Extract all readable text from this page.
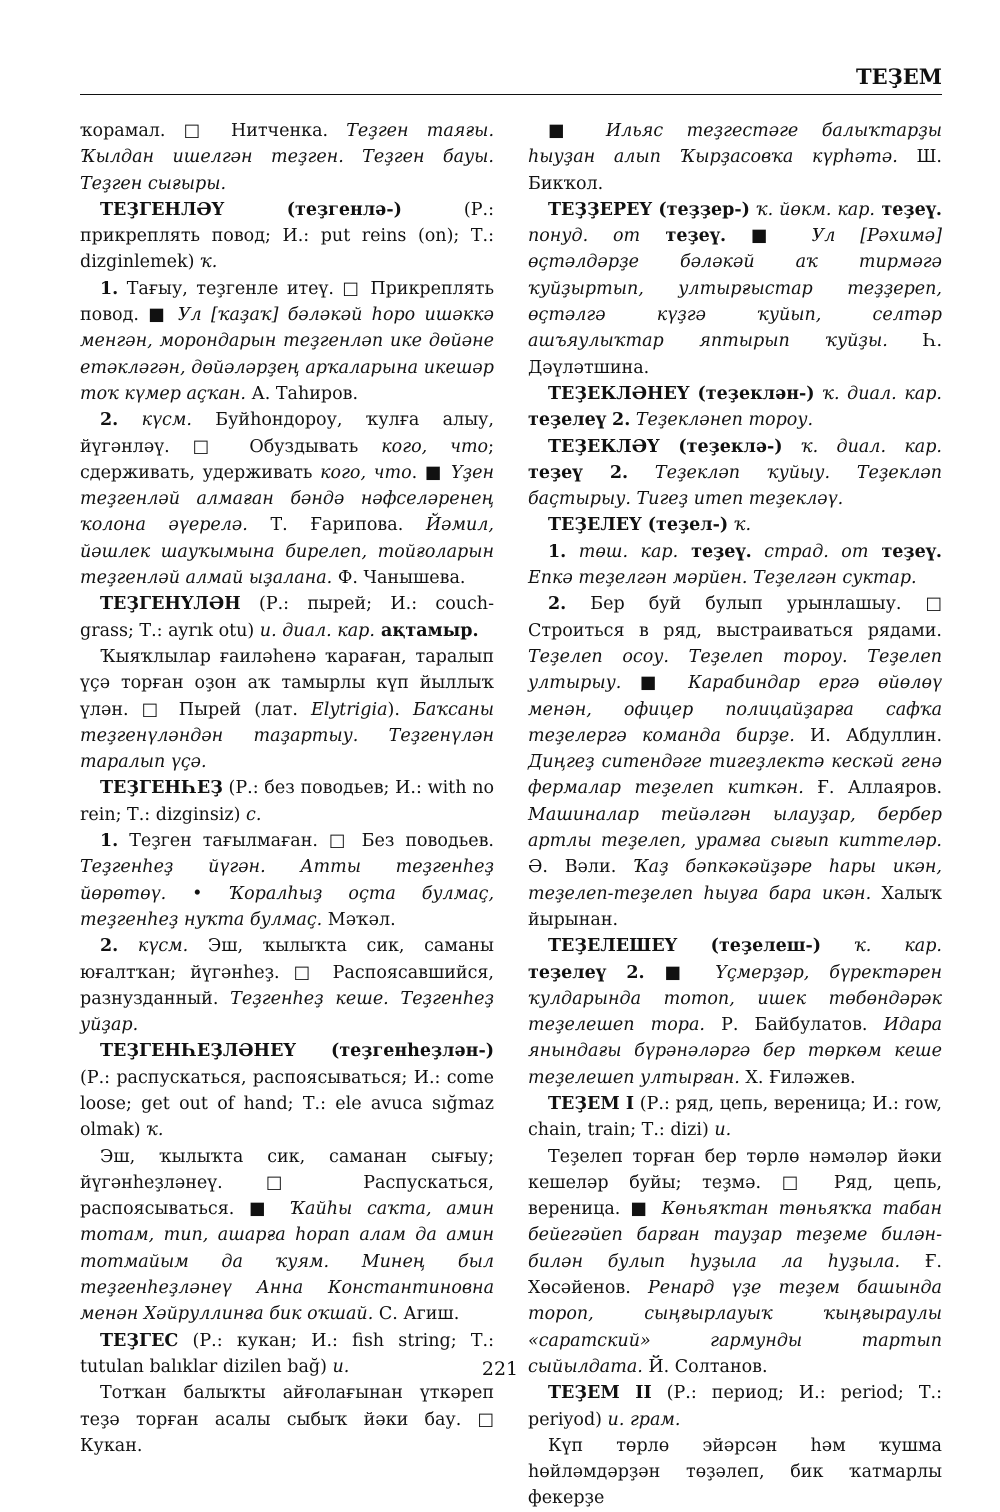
ТЕҘЕМ

ҡорамал. □ Нитченка. Теҙген таяғы. Ҡылдан ишелгән теҙген. Теҙген бауы. Теҙген сығыры.

ТЕҘГЕНЛӘҮ (теҙгенлә-) (Р.: прикреплять повод; И.: put reins (on); Т.: dizginlemek) ҡ.

1. Тағыу, теҙгенле итеү. □ Прикреплять повод. ■ Ул [ҡаҙаҡ] бәләкәй һоро ишәккә менгән, морондарын теҙгенләп ике дөйәне етәкләгән, дөйәләрҙең арҡаларына икешәр тоҡ күмер аҫҡан. А. Таһиров.

2. күсм. Буйһондороу, ҡулға алыу, йүгәнләү. □ Обуздывать кого, что; сдерживать, удерживать кого, что. ■ Үҙен теҙгенләй алмаған бәндә нәфселәренең ҡолона әүерелә. Т. Ғарипова. Йәмил, йәшлек шауҡымына бирелеп, тойғоларын теҙгенләй алмай ыҙалана. Ф. Чанышева.

ТЕҘГЕНҮЛӘН (Р.: пырей; И.: couch-grass; Т.: ayrık otu) и. диал. кар. ақтамыр.

Ҡыяҡлылар ғаиләһенә ҡараған, таралып үҫә торған оҙон аҡ тамырлы күп йыллыҡ үлән. □ Пырей (лат. Elytrigia). Баҡсаны теҙгенүләндән таҙартыу. Теҙгенүлән таралып үҫә.

ТЕҘГЕНҺЕҘ (Р.: без поводьев; И.: with no rein; Т.: dizginsiz) с.

1. Теҙген тағылмаған. □ Без поводьев. Теҙгенһеҙ йүгән. Атты теҙгенһеҙ йөрөтөү. • Ҡоралһыҙ оҫта булмаҫ, теҙгенһеҙ нуҡта булмаҫ. Мәҡәл.

2. күсм. Эш, ҡылыҡта сик, саманы юғалтҡан; йүгәнһеҙ. □ Распоясавшийся, разнузданный. Теҙгенһеҙ кеше. Теҙгенһеҙ уйҙар.

ТЕҘГЕНҺЕҘЛӘНЕҮ (теҙгенһеҙлән-) (Р.: распускаться, распоясываться; И.: come loose; get out of hand; Т.: ele avuca sığmaz olmak) ҡ.

Эш, ҡылыҡта сик, саманан сығыу; йүгәнһеҙләнеү. □ Распускаться, распоясываться. ■ Ҡайһы саҡта, амин тотам, тип, ашарға һорап алам да амин тотмайым да ҡуям. Минең был теҙгенһеҙләнеү Анна Константиновна менән Хәйруллинға бик оҡшай. С. Агиш.

ТЕҘГЕС (Р.: кукан; И.: fish string; Т.: tutulan balıklar dizilen bağ) и.

Тотҡан балыҡты айғолағынан үткәреп теҙә торған асалы сыбыҡ йәки бау. □ Кукан.

■ Ильяс теҙгестәге балыҡтарҙы һыуҙан алып Ҡырҙасовҡа күрһәтә. Ш. Бикҡол.

ТЕҘҘЕРЕҮ (теҙҙер-) ҡ. йөкм. кар. теҙеү. понуд. от теҙеү. ■ Ул [Рәхимә] өҫтәлдәрҙе бәләкәй аҡ тирмәгә ҡуйҙыртып, ултырғыстар теҙҙереп, өҫтәлгә күҙгә ҡуйып, селтәр ашъяулыҡтар яптырып ҡуйҙы. Һ. Дәүләтшина.

ТЕҘЕКЛӘНЕҮ (теҙеклән-) ҡ. диал. кар. теҙелеү 2. Теҙекләнеп тороу.

ТЕҘЕКЛӘҮ (теҙеклә-) ҡ. диал. кар. теҙеү 2. Теҙекләп ҡуйыу. Теҙекләп баҫтырыу. Тигеҙ итеп теҙекләү.

ТЕҘЕЛЕҮ (теҙел-) ҡ.

1. төш. кар. теҙеү. страд. от теҙеү. Епкә теҙелгән мәрйен. Теҙелгән суктар.

2. Бер буй булып урынлашыу. □ Строиться в ряд, выстраиваться рядами. Теҙелеп осоу. Теҙелеп тороу. Теҙелеп ултырыу. ■ Карабиндар ергә өйөлөү менән, офицер полицайҙарға сафҡа теҙелергә команда бирҙе. И. Абдуллин. Диңгеҙ ситендәге тигеҙлектә кескәй генә фермалар теҙелеп киткән. Ғ. Аллаяров. Машиналар тейәлгән ылауҙар, бербер артлы теҙелеп, урамға сығып киттеләр. Ә. Вәли. Ҡаҙ бәпкәкәйҙәре һары икән, теҙелеп-теҙелеп һыуға бара икән. Халыҡ йырынан.

ТЕҘЕЛЕШЕҮ (теҙелеш-) ҡ. кар. теҙелеү 2. ■ Үҫмерҙәр, бүректәрен ҡулдарында тотоп, ишек төбөндәрәк теҙелешеп тора. Р. Байбулатов. Идара янындағы бүрәнәләргә бер төркөм кеше теҙелешеп ултырған. Х. Ғиләжев.

ТЕҘЕМ I (Р.: ряд, цепь, вереница; И.: row, chain, train; Т.: dizi) и.

Теҙелеп торған бер төрлө нәмәләр йәки кешеләр буйы; теҙмә. □ Ряд, цепь, вереница. ■ Көньяҡтан төньяҡҡа табан бейегәйеп барған тауҙар теҙеме билән-билән булып һуҙыла ла һуҙыла. Ғ. Хөсәйенов. Ренард үҙе теҙем башында тороп, сыңғырлауыҡ ҡыңғыраулы «саратский» гармунды тартып сыйылдата. Й. Солтанов.

ТЕҘЕМ II (Р.: период; И.: period; Т.: periyod) и. грам.

Күп төрлө эйәрсән һәм ҡушма һөйләмдәрҙән төҙәлеп, бик ҡатмарлы фекерҙе

221
